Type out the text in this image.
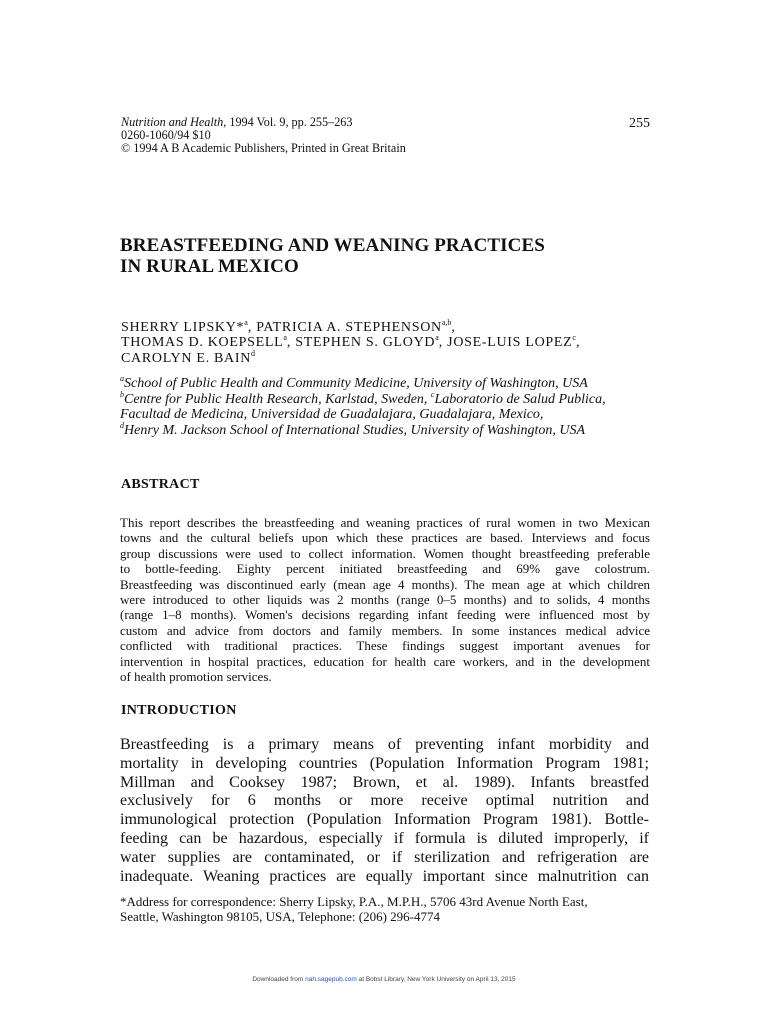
Nutrition and Health, 1994 Vol. 9, pp. 255–263
0260-1060/94 $10
© 1994 A B Academic Publishers, Printed in Great Britain
255
BREASTFEEDING AND WEANING PRACTICES
IN RURAL MEXICO
SHERRY LIPSKY*$^a$, PATRICIA A. STEPHENSON$^{a,b}$,
THOMAS D. KOEPSELL$^a$, STEPHEN S. GLOYD$^a$, JOSE-LUIS LOPEZ$^c$,
CAROLYN E. BAIN$^d$
$^a$School of Public Health and Community Medicine, University of Washington, USA
$^b$Centre for Public Health Research, Karlstad, Sweden, $^c$Laboratorio de Salud Publica,
Facultad de Medicina, Universidad de Guadalajara, Guadalajara, Mexico,
$^d$Henry M. Jackson School of International Studies, University of Washington, USA
ABSTRACT
This report describes the breastfeeding and weaning practices of rural women in two Mexican
towns and the cultural beliefs upon which these practices are based. Interviews and focus
group discussions were used to collect information. Women thought breastfeeding preferable
to bottle-feeding. Eighty percent initiated breastfeeding and 69% gave colostrum.
Breastfeeding was discontinued early (mean age 4 months). The mean age at which children
were introduced to other liquids was 2 months (range 0–5 months) and to solids, 4 months
(range 1–8 months). Women's decisions regarding infant feeding were influenced most by
custom and advice from doctors and family members. In some instances medical advice
conflicted with traditional practices. These findings suggest important avenues for
intervention in hospital practices, education for health care workers, and in the development
of health promotion services.
INTRODUCTION
Breastfeeding is a primary means of preventing infant morbidity and
mortality in developing countries (Population Information Program 1981;
Millman and Cooksey 1987; Brown, et al. 1989). Infants breastfed
exclusively for 6 months or more receive optimal nutrition and
immunological protection (Population Information Program 1981). Bottle-
feeding can be hazardous, especially if formula is diluted improperly, if
water supplies are contaminated, or if sterilization and refrigeration are
inadequate. Weaning practices are equally important since malnutrition can
*Address for correspondence: Sherry Lipsky, P.A., M.P.H., 5706 43rd Avenue North East,
Seattle, Washington 98105, USA, Telephone: (206) 296-4774
Downloaded from nah.sagepub.com at Bobst Library, New York University on April 13, 2015
